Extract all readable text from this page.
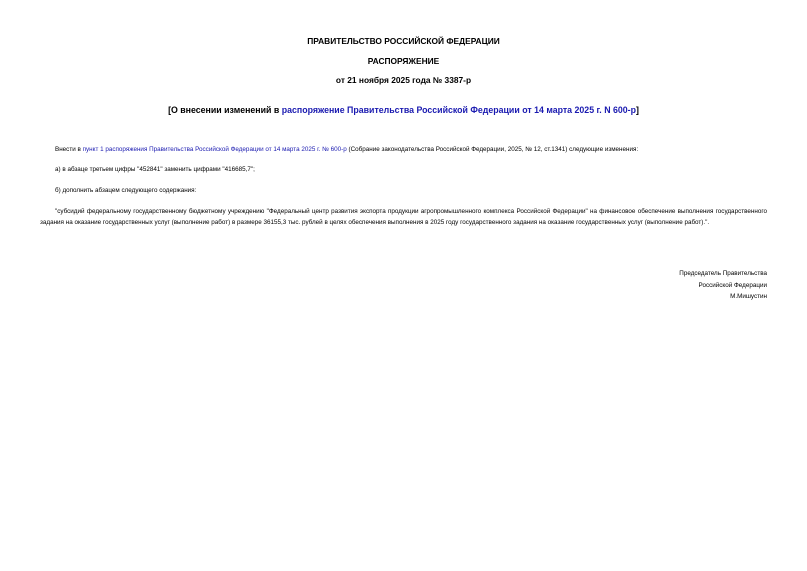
ПРАВИТЕЛЬСТВО РОССИЙСКОЙ ФЕДЕРАЦИИ
РАСПОРЯЖЕНИЕ
от 21 ноября 2025 года № 3387-р
[О внесении изменений в распоряжение Правительства Российской Федерации от 14 марта 2025 г. N 600-р]
Внести в пункт 1 распоряжения Правительства Российской Федерации от 14 марта 2025 г. № 600-р (Собрание законодательства Российской Федерации, 2025, № 12, ст.1341) следующие изменения:
а) в абзаце третьем цифры "452841" заменить цифрами "416685,7";
б) дополнить абзацем следующего содержания:
"субсидий федеральному государственному бюджетному учреждению "Федеральный центр развития экспорта продукции агропромышленного комплекса Российской Федерации" на финансовое обеспечение выполнения государственного задания на оказание государственных услуг (выполнение работ) в размере 36155,3 тыс. рублей в целях обеспечения выполнения в 2025 году государственного задания на оказание государственных услуг (выполнение работ).".
Председатель Правительства
Российской Федерации
М.Мишустин
